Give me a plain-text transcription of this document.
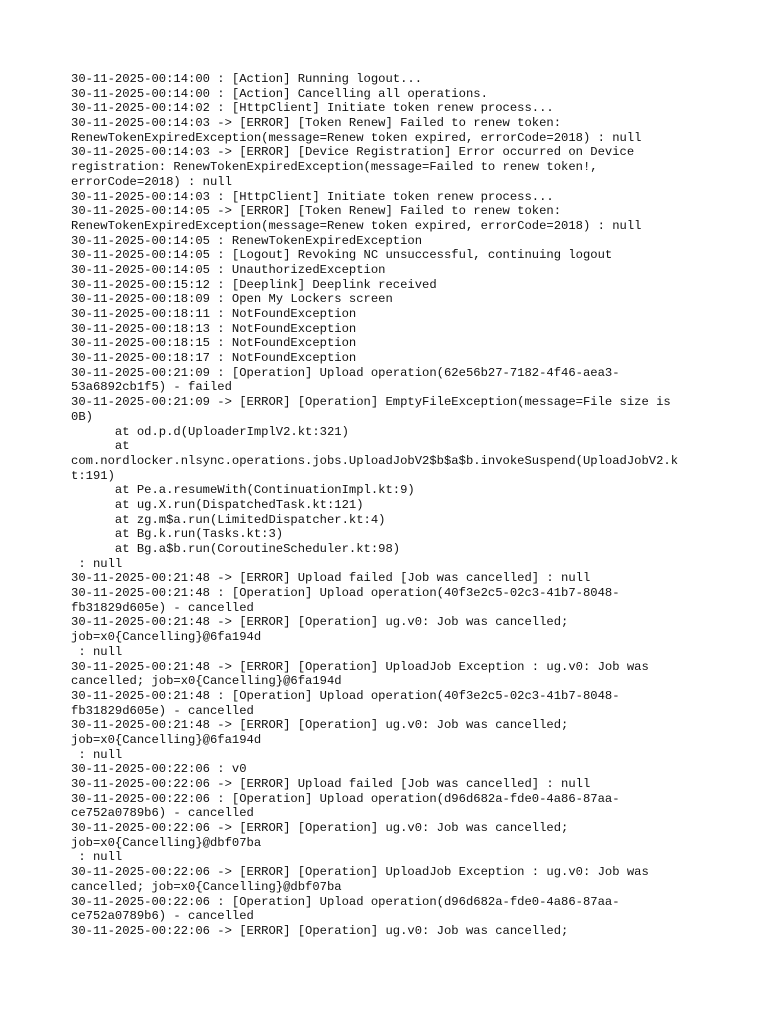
30-11-2025-00:14:00 : [Action] Running logout...
30-11-2025-00:14:00 : [Action] Cancelling all operations.
30-11-2025-00:14:02 : [HttpClient] Initiate token renew process...
30-11-2025-00:14:03 -> [ERROR] [Token Renew] Failed to renew token:
RenewTokenExpiredException(message=Renew token expired, errorCode=2018) : null
30-11-2025-00:14:03 -> [ERROR] [Device Registration] Error occurred on Device
registration: RenewTokenExpiredException(message=Failed to renew token!,
errorCode=2018) : null
30-11-2025-00:14:03 : [HttpClient] Initiate token renew process...
30-11-2025-00:14:05 -> [ERROR] [Token Renew] Failed to renew token:
RenewTokenExpiredException(message=Renew token expired, errorCode=2018) : null
30-11-2025-00:14:05 : RenewTokenExpiredException
30-11-2025-00:14:05 : [Logout] Revoking NC unsuccessful, continuing logout
30-11-2025-00:14:05 : UnauthorizedException
30-11-2025-00:15:12 : [Deeplink] Deeplink received
30-11-2025-00:18:09 : Open My Lockers screen
30-11-2025-00:18:11 : NotFoundException
30-11-2025-00:18:13 : NotFoundException
30-11-2025-00:18:15 : NotFoundException
30-11-2025-00:18:17 : NotFoundException
30-11-2025-00:21:09 : [Operation] Upload operation(62e56b27-7182-4f46-aea3-
53a6892cb1f5) - failed
30-11-2025-00:21:09 -> [ERROR] [Operation] EmptyFileException(message=File size is
0B)
at od.p.d(UploaderImplV2.kt:321)
at
com.nordlocker.nlsync.operations.jobs.UploadJobV2$b$a$b.invokeSuspend(UploadJobV2.k
t:191)
at Pe.a.resumeWith(ContinuationImpl.kt:9)
at ug.X.run(DispatchedTask.kt:121)
at zg.m$a.run(LimitedDispatcher.kt:4)
at Bg.k.run(Tasks.kt:3)
at Bg.a$b.run(CoroutineScheduler.kt:98)
: null
30-11-2025-00:21:48 -> [ERROR] Upload failed [Job was cancelled] : null
30-11-2025-00:21:48 : [Operation] Upload operation(40f3e2c5-02c3-41b7-8048-
fb31829d605e) - cancelled
30-11-2025-00:21:48 -> [ERROR] [Operation] ug.v0: Job was cancelled;
job=x0{Cancelling}@6fa194d
: null
30-11-2025-00:21:48 -> [ERROR] [Operation] UploadJob Exception : ug.v0: Job was
cancelled; job=x0{Cancelling}@6fa194d
30-11-2025-00:21:48 : [Operation] Upload operation(40f3e2c5-02c3-41b7-8048-
fb31829d605e) - cancelled
30-11-2025-00:21:48 -> [ERROR] [Operation] ug.v0: Job was cancelled;
job=x0{Cancelling}@6fa194d
: null
30-11-2025-00:22:06 : v0
30-11-2025-00:22:06 -> [ERROR] Upload failed [Job was cancelled] : null
30-11-2025-00:22:06 : [Operation] Upload operation(d96d682a-fde0-4a86-87aa-
ce752a0789b6) - cancelled
30-11-2025-00:22:06 -> [ERROR] [Operation] ug.v0: Job was cancelled;
job=x0{Cancelling}@dbf07ba
: null
30-11-2025-00:22:06 -> [ERROR] [Operation] UploadJob Exception : ug.v0: Job was
cancelled; job=x0{Cancelling}@dbf07ba
30-11-2025-00:22:06 : [Operation] Upload operation(d96d682a-fde0-4a86-87aa-
ce752a0789b6) - cancelled
30-11-2025-00:22:06 -> [ERROR] [Operation] ug.v0: Job was cancelled;
